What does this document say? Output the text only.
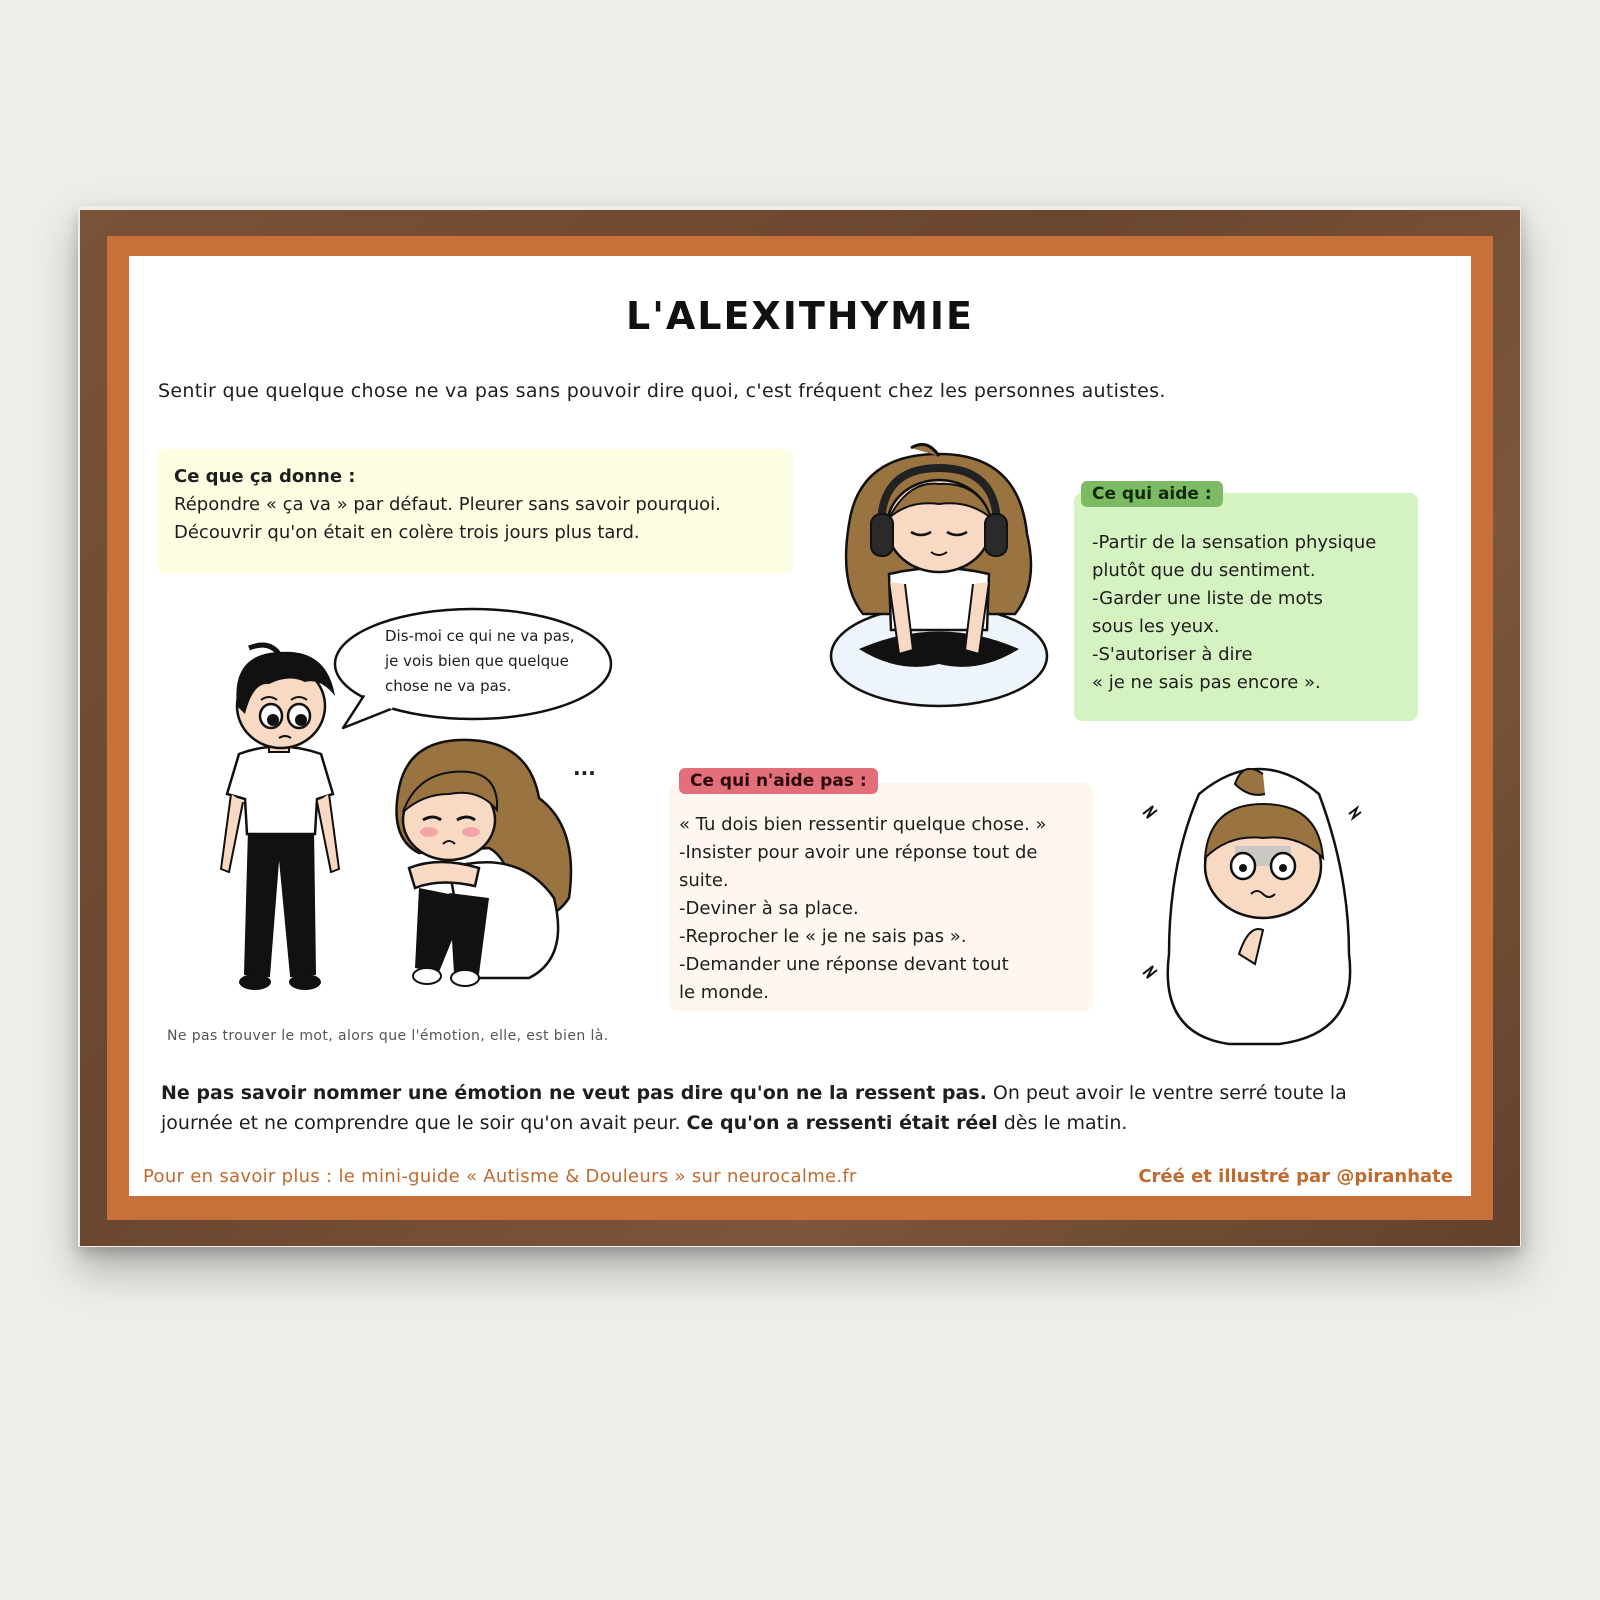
L'ALEXITHYMIE
Sentir que quelque chose ne va pas sans pouvoir dire quoi, c'est fréquent chez les personnes autistes.
Ce que ça donne :
Répondre « ça va » par défaut. Pleurer sans savoir pourquoi.
Découvrir qu'on était en colère trois jours plus tard.	-Partir de la sensation physique
plutôt que du sentiment.
-Garder une liste de mots
sous les yeux.
-S'autoriser à dire
« je ne sais pas encore ».
Ce qui aide :
« Tu dois bien ressentir quelque chose. »
-Insister pour avoir une réponse tout de
suite.
-Deviner à sa place.
-Reprocher le « je ne sais pas ».
-Demander une réponse devant tout
le monde.
Ce qui n'aide pas :
Dis-moi ce qui ne va pas,
je vois bien que quelque
chose ne va pas.
...
Ne pas trouver le mot, alors que l'émotion, elle, est bien là.
Ne pas savoir nommer une émotion ne veut pas dire qu'on ne la ressent pas. On peut avoir le ventre serré toute la journée et ne comprendre que le soir qu'on avait peur. Ce qu'on a ressenti était réel dès le matin.
Pour en savoir plus : le mini-guide « Autisme & Douleurs » sur neurocalme.fr	Créé et illustré par @piranhate
